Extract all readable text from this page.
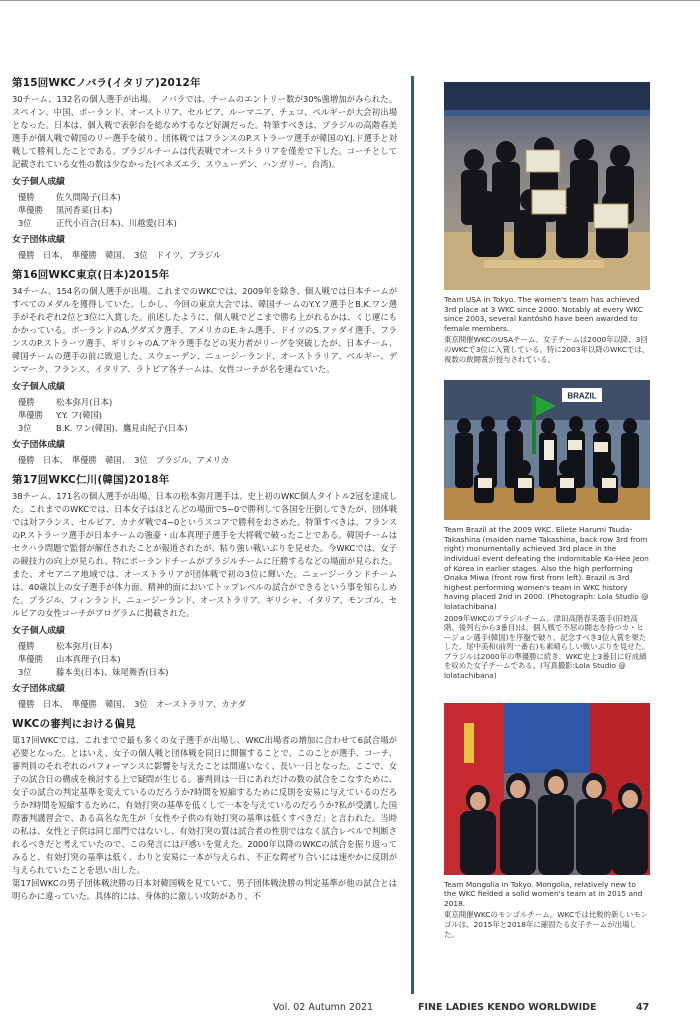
第15回WKCノバラ(イタリア)2012年
30チーム、132名の個人選手が出場。　ノバラでは、チームのエントリー数が30%強増加がみられた。スペイン、中国、ポーランド、オーストリア、セルビア、ルーマニア、チェコ、ベルギーが大会初出場となった。日本は、個人戦で表彰台を総なめするなど好調だった。特筆すべきは、ブラジルの高階春美選手が個人戦で韓国のリー選手を破り、団体戦ではフランスのP.ストラーツ選手が韓国のY.J.ド選手と対戦して勝利したことである。ブラジルチームは代表戦でオーストラリアを僅差で下した。コーチとして記載されている女性の数は少なかった(ベネズエラ、スウェーデン、ハンガリー、台湾)。
女子個人成績
優勝	佐久間陽子(日本)
準優勝	黒河香菜(日本)
3位	正代小百合(日本)、川越愛(日本)
女子団体成績
優勝　日本、　準優勝　韓国、　3位　ドイツ、ブラジル
第16回WKC東京(日本)2015年
34チーム、154名の個人選手が出場。これまでのWKCでは、2009年を除き、個人戦では日本チームがすべてのメダルを獲得していた。しかし、今回の東京大会では、韓国チームのY.Y.フ選手とB.K.ワン選手がそれぞれ2位と3位に入賞した。前述したように、個人戦でどこまで勝ち上がれるかは、くじ運にもかかっている。ポーランドのA.グダズク選手、アメリカのE.キム選手、ドイツのS.ファダイ選手、フランスのP.ストラーツ選手、ギリシャのA.アキラ選手などの実力者がリーグを突破したが、日本チーム、韓国チームの選手の前に敗退した。スウェーデン、ニュージーランド、オーストラリア、ベルギー、デンマーク、フランス、イタリア、ラトビア各チームは、女性コーチが名を連ねていた。
女子個人成績
優勝	松本弥月(日本)
準優勝	Y.Y. フ(韓国)
3位	B.K. ワン(韓国)、鷹見由紀子(日本)
女子団体成績
優勝　日本、　準優勝　韓国、　3位　ブラジル、アメリカ
第17回WKC仁川(韓国)2018年
38チーム、171名の個人選手が出場。日本の松本弥月選手は、史上初のWKC個人タイトル2冠を達成した。これまでのWKCでは、日本女子はほとんどの場面で5−0で勝利して各国を圧倒してきたが、団体戦では対フランス、セルビア、カナダ戦で4−0というスコアで勝利をおさめた。特筆すべきは、フランスのP.ストラーツ選手が日本チームの強豪・山本真理子選手を大将戦で破ったことである。韓国チームはセクハラ問題で監督が解任されたことが報道されたが、粘り強い戦いぶりを見せた。今WKCでは、女子の競技力の向上が見られ、特にポーランドチームがブラジルチームに圧勝するなどの場面が見られた。また、オセアニア地域では、オーストラリアが団体戦で初の3位に輝いた。ニュージーランドチームは、40歳以上の女子選手が体力面、精神的面においてトップレベルの試合ができるという事を知らしめた。ブラジル、フィンランド、ニュージーランド、オーストラリア、ギリシャ、イタリア、モンゴル、セルビアの女性コーチがプログラムに掲載された。
女子個人成績
優勝	松本弥月(日本)
準優勝	山本真理子(日本)
3位	藤本美(日本)、妹尾舞香(日本)
女子団体成績
優勝　日本、　準優勝　韓国、　3位　オーストラリア、カナダ
WKCの審判における偏見
第17回WKCでは、これまでで最も多くの女子選手が出場し、WKC出場者の増加に合わせて6試合場が必要となった。とはいえ、女子の個人戦と団体戦を同日に開催することで、このことが選手、コーチ、審判員のそれぞれのパフォーマンスに影響を与えたことは間違いなく、長い一日となった。ここで、女子の試合日の構成を検討する上で疑問が生じる。審判員は一日にあれだけの数の試合をこなすために、女子の試合の判定基準を変えているのだろうか?時間を短縮するために反則を安易に与えているのだろうか?時間を短縮するために、有効打突の基準を低くして一本を与えているのだろうか?私が受講した国際審判講習会で、ある高名な先生が「女性や子供の有効打突の基準は低くすべきだ」と言われた。当時の私は、女性と子供は同じ部門ではないし、有効打突の質は試合者の性別ではなく試合レベルで判断されるべきだと考えていたので、この発言には戸惑いを覚えた。2000年以降のWKCの試合を振り返ってみると、有効打突の基準は低く、わりと安易に一本が与えられ、不正な鍔ぜり合いには速やかに反則が与えられていたことを思い出した。
第17回WKCの男子団体戦決勝の日本対韓国戦を見ていて、男子団体戦決勝の判定基準が他の試合とは明らかに違っていた。具体的には、身体的に激しい攻防があり、不
Team USA in Tokyo. The women's team has achieved 3rd place at 3 WKC since 2000. Notably at every WKC since 2003, several kantōshō have been awarded to female members.
東京開催WKCのUSAチーム。女子チームは2000年以降、3回のWKCで3位に入賞している。特に2003年以降のWKCでは、複数の敢闘賞が授与されている。
BRAZIL
Team Brazil at the 2009 WKC. Eliete Harumi Tsuda-Takashina (maiden name Takashina, back row 3rd from right) monumentally achieved 3rd place in the individual event defeating the indomitable Ka-Hee Jeon of Korea in earlier stages. Also the high performing Onaka Miwa (front row first from left). Brazil is 3rd highest performing women's team in WKC history having placed 2nd in 2000. (Photograph: Lola Studio @ lolatachibana)
2009年WKCのブラジルチーム。津田高階春美選手(旧姓高階、後列右から3番目)は、個人戦で不屈の闘志を持つカ・ヒージョン選手(韓国)を序盤で破り、記念すべき3位入賞を果たした。尾中美和(前列一番右)も素晴らしい戦いぶりを見せた。ブラジルは2000年の準優勝に続き、WKC史上3番目に好成績を収めた女子チームである。(写真撮影:Lola Studio @ lolatachibana)
Team Mongolia in Tokyo. Mongolia, relatively new to the WKC fielded a solid women's team at in 2015 and 2018.
東京開催WKCのモンゴルチーム。WKCでは比較的新しいモンゴルは、2015年と2018年に確固たる女子チームが出場した。
Vol. 02 Autumn 2021	FINE LADIES KENDO WORLDWIDE	47
